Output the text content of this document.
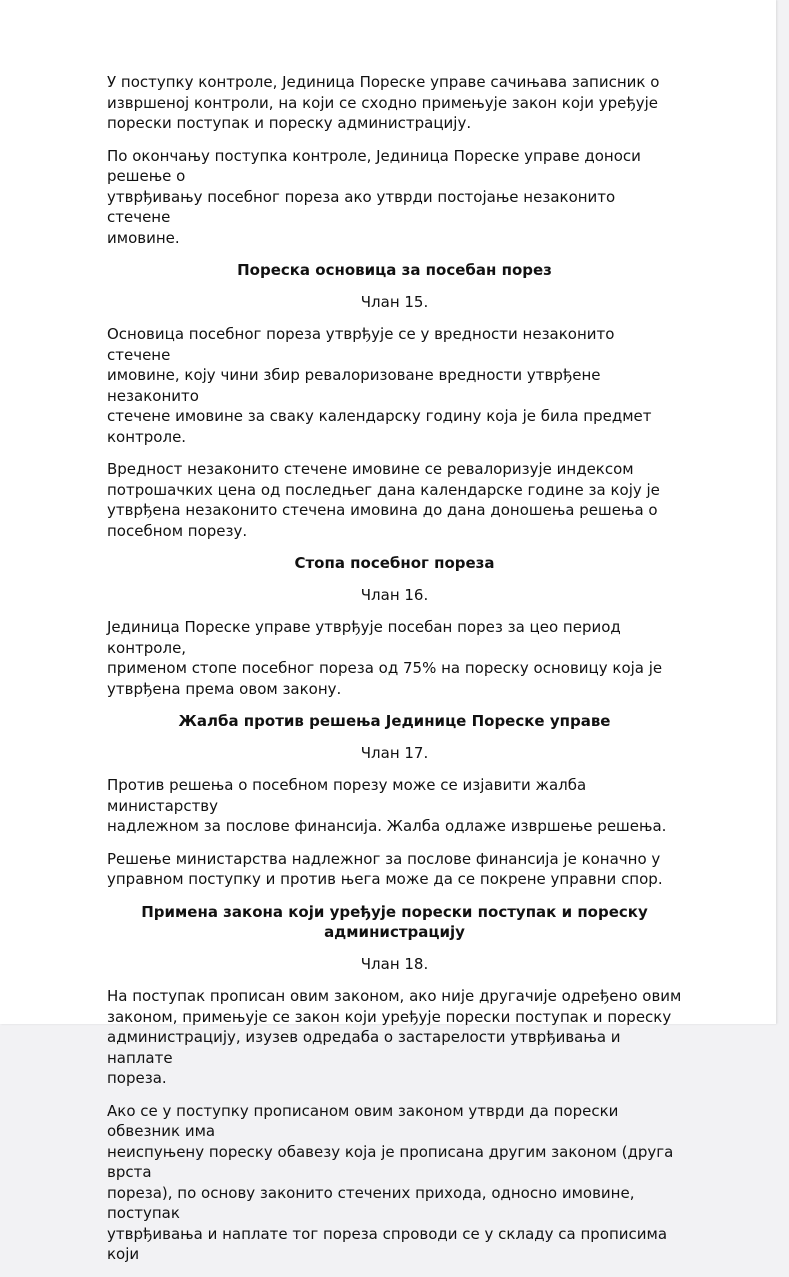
У поступку контроле, Јединица Пореске управе сачињава записник о
извршеној контроли, на који се сходно примењује закон који уређује
порески поступак и пореску администрацију.

По окончању поступка контроле, Јединица Пореске управе доноси решење о
утврђивању посебног пореза ако утврди постојање незаконито стечене
имовине.

Пореска основица за посебан порез
Члан 15.

Основица посебног пореза утврђује се у вредности незаконито стечене
имовине, коју чини збир ревалоризоване вредности утврђене незаконито
стечене имовине за сваку календарску годину која је била предмет
контроле.

Вредност незаконито стечене имовине се ревалоризује индексом
потрошачких цена од последњег дана календарске године за коју је
утврђена незаконито стечена имовина до дана доношења решења о
посебном порезу.

Стопа посебног пореза
Члан 16.

Јединица Пореске управе утврђује посебан порез за цео период контроле,
применом стопе посебног пореза од 75% на пореску основицу која је
утврђена према овом закону.

Жалба против решења Јединице Пореске управе
Члан 17.

Против решења о посебном порезу може се изјавити жалба министарству
надлежном за послове финансија. Жалба одлаже извршење решења.

Решење министарства надлежног за послове финансија је коначно у
управном поступку и против њега може да се покрене управни спор.

Примена закона који уређује порески поступак и пореску
администрацију
Члан 18.

На поступак прописан овим законом, ако није другачије одређено овим
законом, примењује се закон који уређује порески поступак и пореску
администрацију, изузев одредаба о застарелости утврђивања и наплате
пореза.

Ако се у поступку прописаном овим законом утврди да порески обвезник има
неиспуњену пореску обавезу која је прописана другим законом (друга врста
пореза), по основу законито стечених прихода, односно имовине, поступак
утврђивања и наплате тог пореза спроводи се у складу са прописима који
